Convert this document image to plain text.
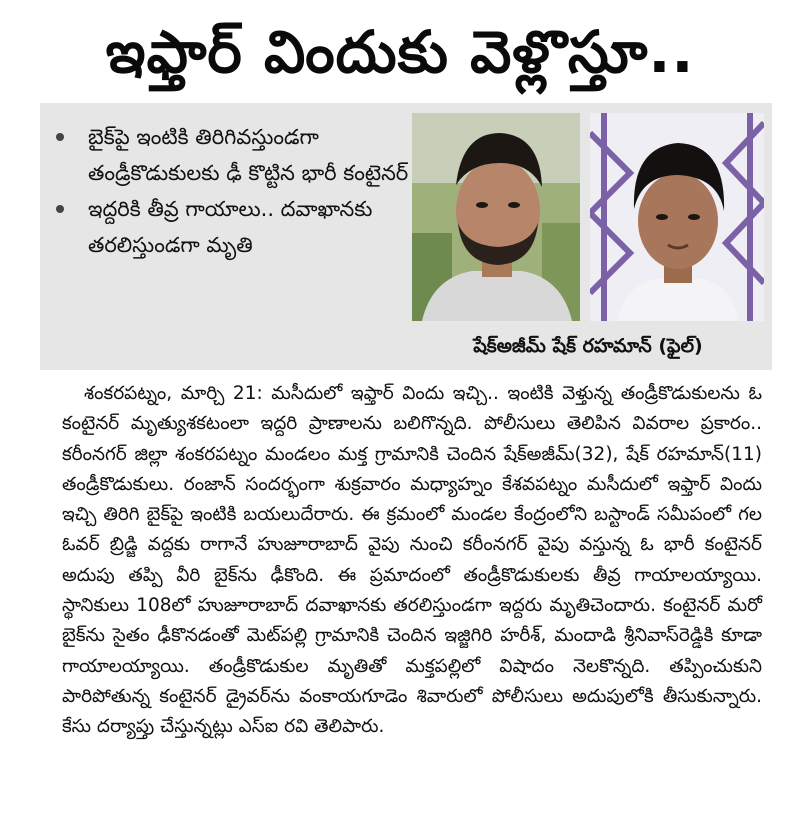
ఇఫ్తార్ విందుకు వెళ్లొస్తూ..
బైక్‌పై ఇంటికి తిరిగివస్తుండగా తండ్రీకొడుకులకు ఢీ కొట్టిన భారీ కంటైనర్
ఇద్దరికి తీవ్ర గాయాలు.. దవాఖానకు తరలిస్తుండగా మృతి
షేక్‌అజీమ్ షేక్ రహమాన్ (ఫైల్)

శంకరపట్నం, మార్చి 21: మసీదులో ఇఫ్తార్ విందు ఇచ్చి.. ఇంటికి వెళ్తున్న తండ్రీకొడుకులను ఓ కంటైనర్ మృత్యుశకటంలా ఇద్దరి ప్రాణాలను బలిగొన్నది. పోలీసులు తెలిపిన వివరాల ప్రకారం.. కరీంనగర్ జిల్లా శంకరపట్నం మండలం మక్త గ్రామానికి చెందిన షేక్‌అజీమ్(32), షేక్ రహమాన్(11) తండ్రీకొడుకులు. రంజాన్ సందర్భంగా శుక్రవారం మధ్యాహ్నం కేశవపట్నం మసీదులో ఇఫ్తార్ విందు ఇచ్చి తిరిగి బైక్‌పై ఇంటికి బయలుదేరారు. ఈ క్రమంలో మండల కేంద్రంలోని బస్టాండ్ సమీపంలో గల ఓవర్ బ్రిడ్జి వద్దకు రాగానే హుజూరాబాద్ వైపు నుంచి కరీంనగర్ వైపు వస్తున్న ఓ భారీ కంటైనర్ అదుపు తప్పి వీరి బైక్‌ను ఢీకొంది. ఈ ప్రమాదంలో తండ్రీకొడుకులకు తీవ్ర గాయాలయ్యాయి. స్థానికులు 108లో హుజూరాబాద్ దవాఖానకు తరలిస్తుండగా ఇద్దరు మృతిచెందారు. కంటైనర్ మరో బైక్‌ను సైతం ఢీకొనడంతో మెట్‌పల్లి గ్రామానికి చెందిన ఇజ్జిగిరి హరీశ్, మందాడి శ్రీనివాస్‌రెడ్డికి కూడా గాయాలయ్యాయి. తండ్రీకొడుకుల మృతితో మక్తపల్లిలో విషాదం నెలకొన్నది. తప్పించుకుని పారిపోతున్న కంటైనర్ డ్రైవర్‌ను వంకాయగూడెం శివారులో పోలీసులు అదుపులోకి తీసుకున్నారు. కేసు దర్యాప్తు చేస్తున్నట్లు ఎస్‌ఐ రవి తెలిపారు.
